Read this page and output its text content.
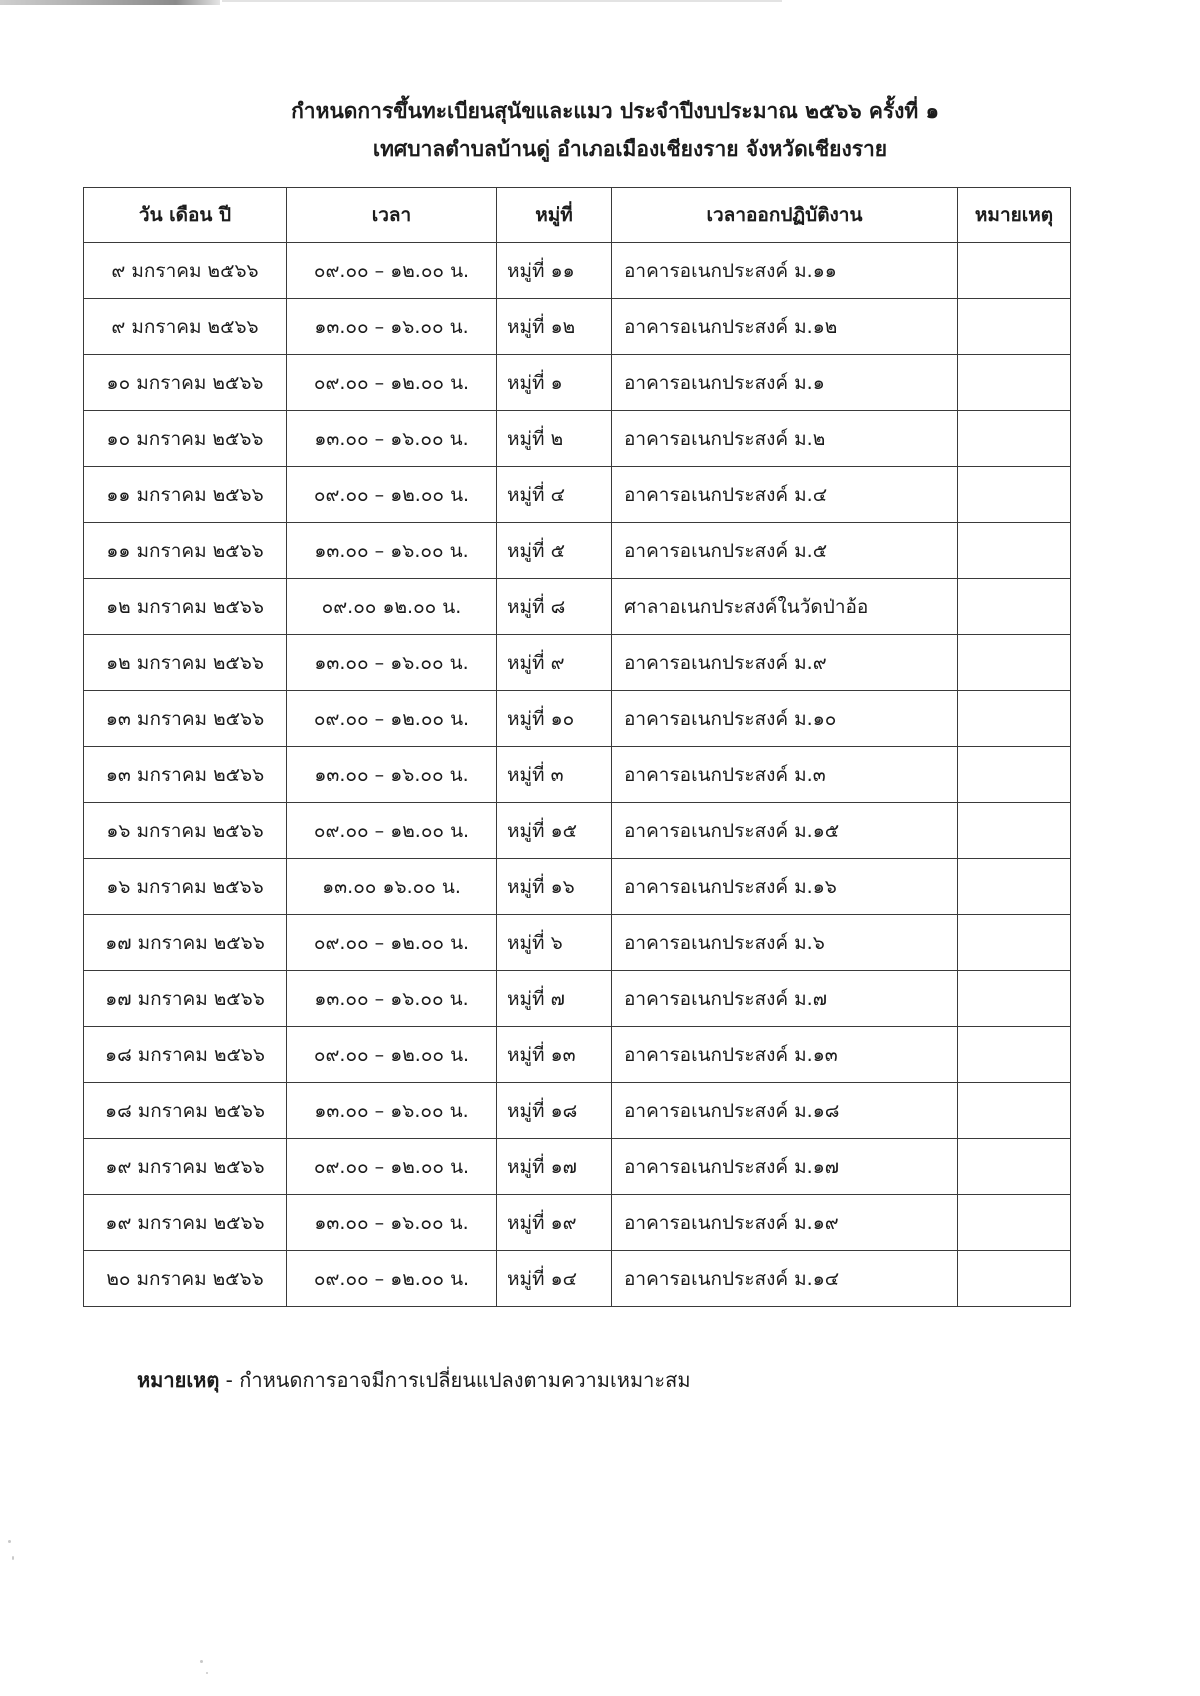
กำหนดการขึ้นทะเบียนสุนัขและแมว ประจำปีงบประมาณ ๒๕๖๖ ครั้งที่ ๑

เทศบาลตำบลบ้านดู่ อำเภอเมืองเชียงราย จังหวัดเชียงราย

วัน เดือน ปี	เวลา	หมู่ที่	เวลาออกปฏิบัติงาน	หมายเหตุ
๙ มกราคม ๒๕๖๖	๐๙.๐๐ – ๑๒.๐๐ น.	หมู่ที่ ๑๑	อาคารอเนกประสงค์ ม.๑๑	
๙ มกราคม ๒๕๖๖	๑๓.๐๐ – ๑๖.๐๐ น.	หมู่ที่ ๑๒	อาคารอเนกประสงค์ ม.๑๒	
๑๐ มกราคม ๒๕๖๖	๐๙.๐๐ – ๑๒.๐๐ น.	หมู่ที่ ๑	อาคารอเนกประสงค์ ม.๑	
๑๐ มกราคม ๒๕๖๖	๑๓.๐๐ – ๑๖.๐๐ น.	หมู่ที่ ๒	อาคารอเนกประสงค์ ม.๒	
๑๑ มกราคม ๒๕๖๖	๐๙.๐๐ – ๑๒.๐๐ น.	หมู่ที่ ๔	อาคารอเนกประสงค์ ม.๔	
๑๑ มกราคม ๒๕๖๖	๑๓.๐๐ – ๑๖.๐๐ น.	หมู่ที่ ๕	อาคารอเนกประสงค์ ม.๕	
๑๒ มกราคม ๒๕๖๖	๐๙.๐๐ ๑๒.๐๐ น.	หมู่ที่ ๘	ศาลาอเนกประสงค์ในวัดป่าอ้อ	
๑๒ มกราคม ๒๕๖๖	๑๓.๐๐ – ๑๖.๐๐ น.	หมู่ที่ ๙	อาคารอเนกประสงค์ ม.๙	
๑๓ มกราคม ๒๕๖๖	๐๙.๐๐ – ๑๒.๐๐ น.	หมู่ที่ ๑๐	อาคารอเนกประสงค์ ม.๑๐	
๑๓ มกราคม ๒๕๖๖	๑๓.๐๐ – ๑๖.๐๐ น.	หมู่ที่ ๓	อาคารอเนกประสงค์ ม.๓	
๑๖ มกราคม ๒๕๖๖	๐๙.๐๐ – ๑๒.๐๐ น.	หมู่ที่ ๑๕	อาคารอเนกประสงค์ ม.๑๕	
๑๖ มกราคม ๒๕๖๖	๑๓.๐๐ ๑๖.๐๐ น.	หมู่ที่ ๑๖	อาคารอเนกประสงค์ ม.๑๖	
๑๗ มกราคม ๒๕๖๖	๐๙.๐๐ – ๑๒.๐๐ น.	หมู่ที่ ๖	อาคารอเนกประสงค์ ม.๖	
๑๗ มกราคม ๒๕๖๖	๑๓.๐๐ – ๑๖.๐๐ น.	หมู่ที่ ๗	อาคารอเนกประสงค์ ม.๗	
๑๘ มกราคม ๒๕๖๖	๐๙.๐๐ – ๑๒.๐๐ น.	หมู่ที่ ๑๓	อาคารอเนกประสงค์ ม.๑๓	
๑๘ มกราคม ๒๕๖๖	๑๓.๐๐ – ๑๖.๐๐ น.	หมู่ที่ ๑๘	อาคารอเนกประสงค์ ม.๑๘	
๑๙ มกราคม ๒๕๖๖	๐๙.๐๐ – ๑๒.๐๐ น.	หมู่ที่ ๑๗	อาคารอเนกประสงค์ ม.๑๗	
๑๙ มกราคม ๒๕๖๖	๑๓.๐๐ – ๑๖.๐๐ น.	หมู่ที่ ๑๙	อาคารอเนกประสงค์ ม.๑๙	
๒๐ มกราคม ๒๕๖๖	๐๙.๐๐ – ๑๒.๐๐ น.	หมู่ที่ ๑๔	อาคารอเนกประสงค์ ม.๑๔	
หมายเหตุ - กำหนดการอาจมีการเปลี่ยนแปลงตามความเหมาะสม
